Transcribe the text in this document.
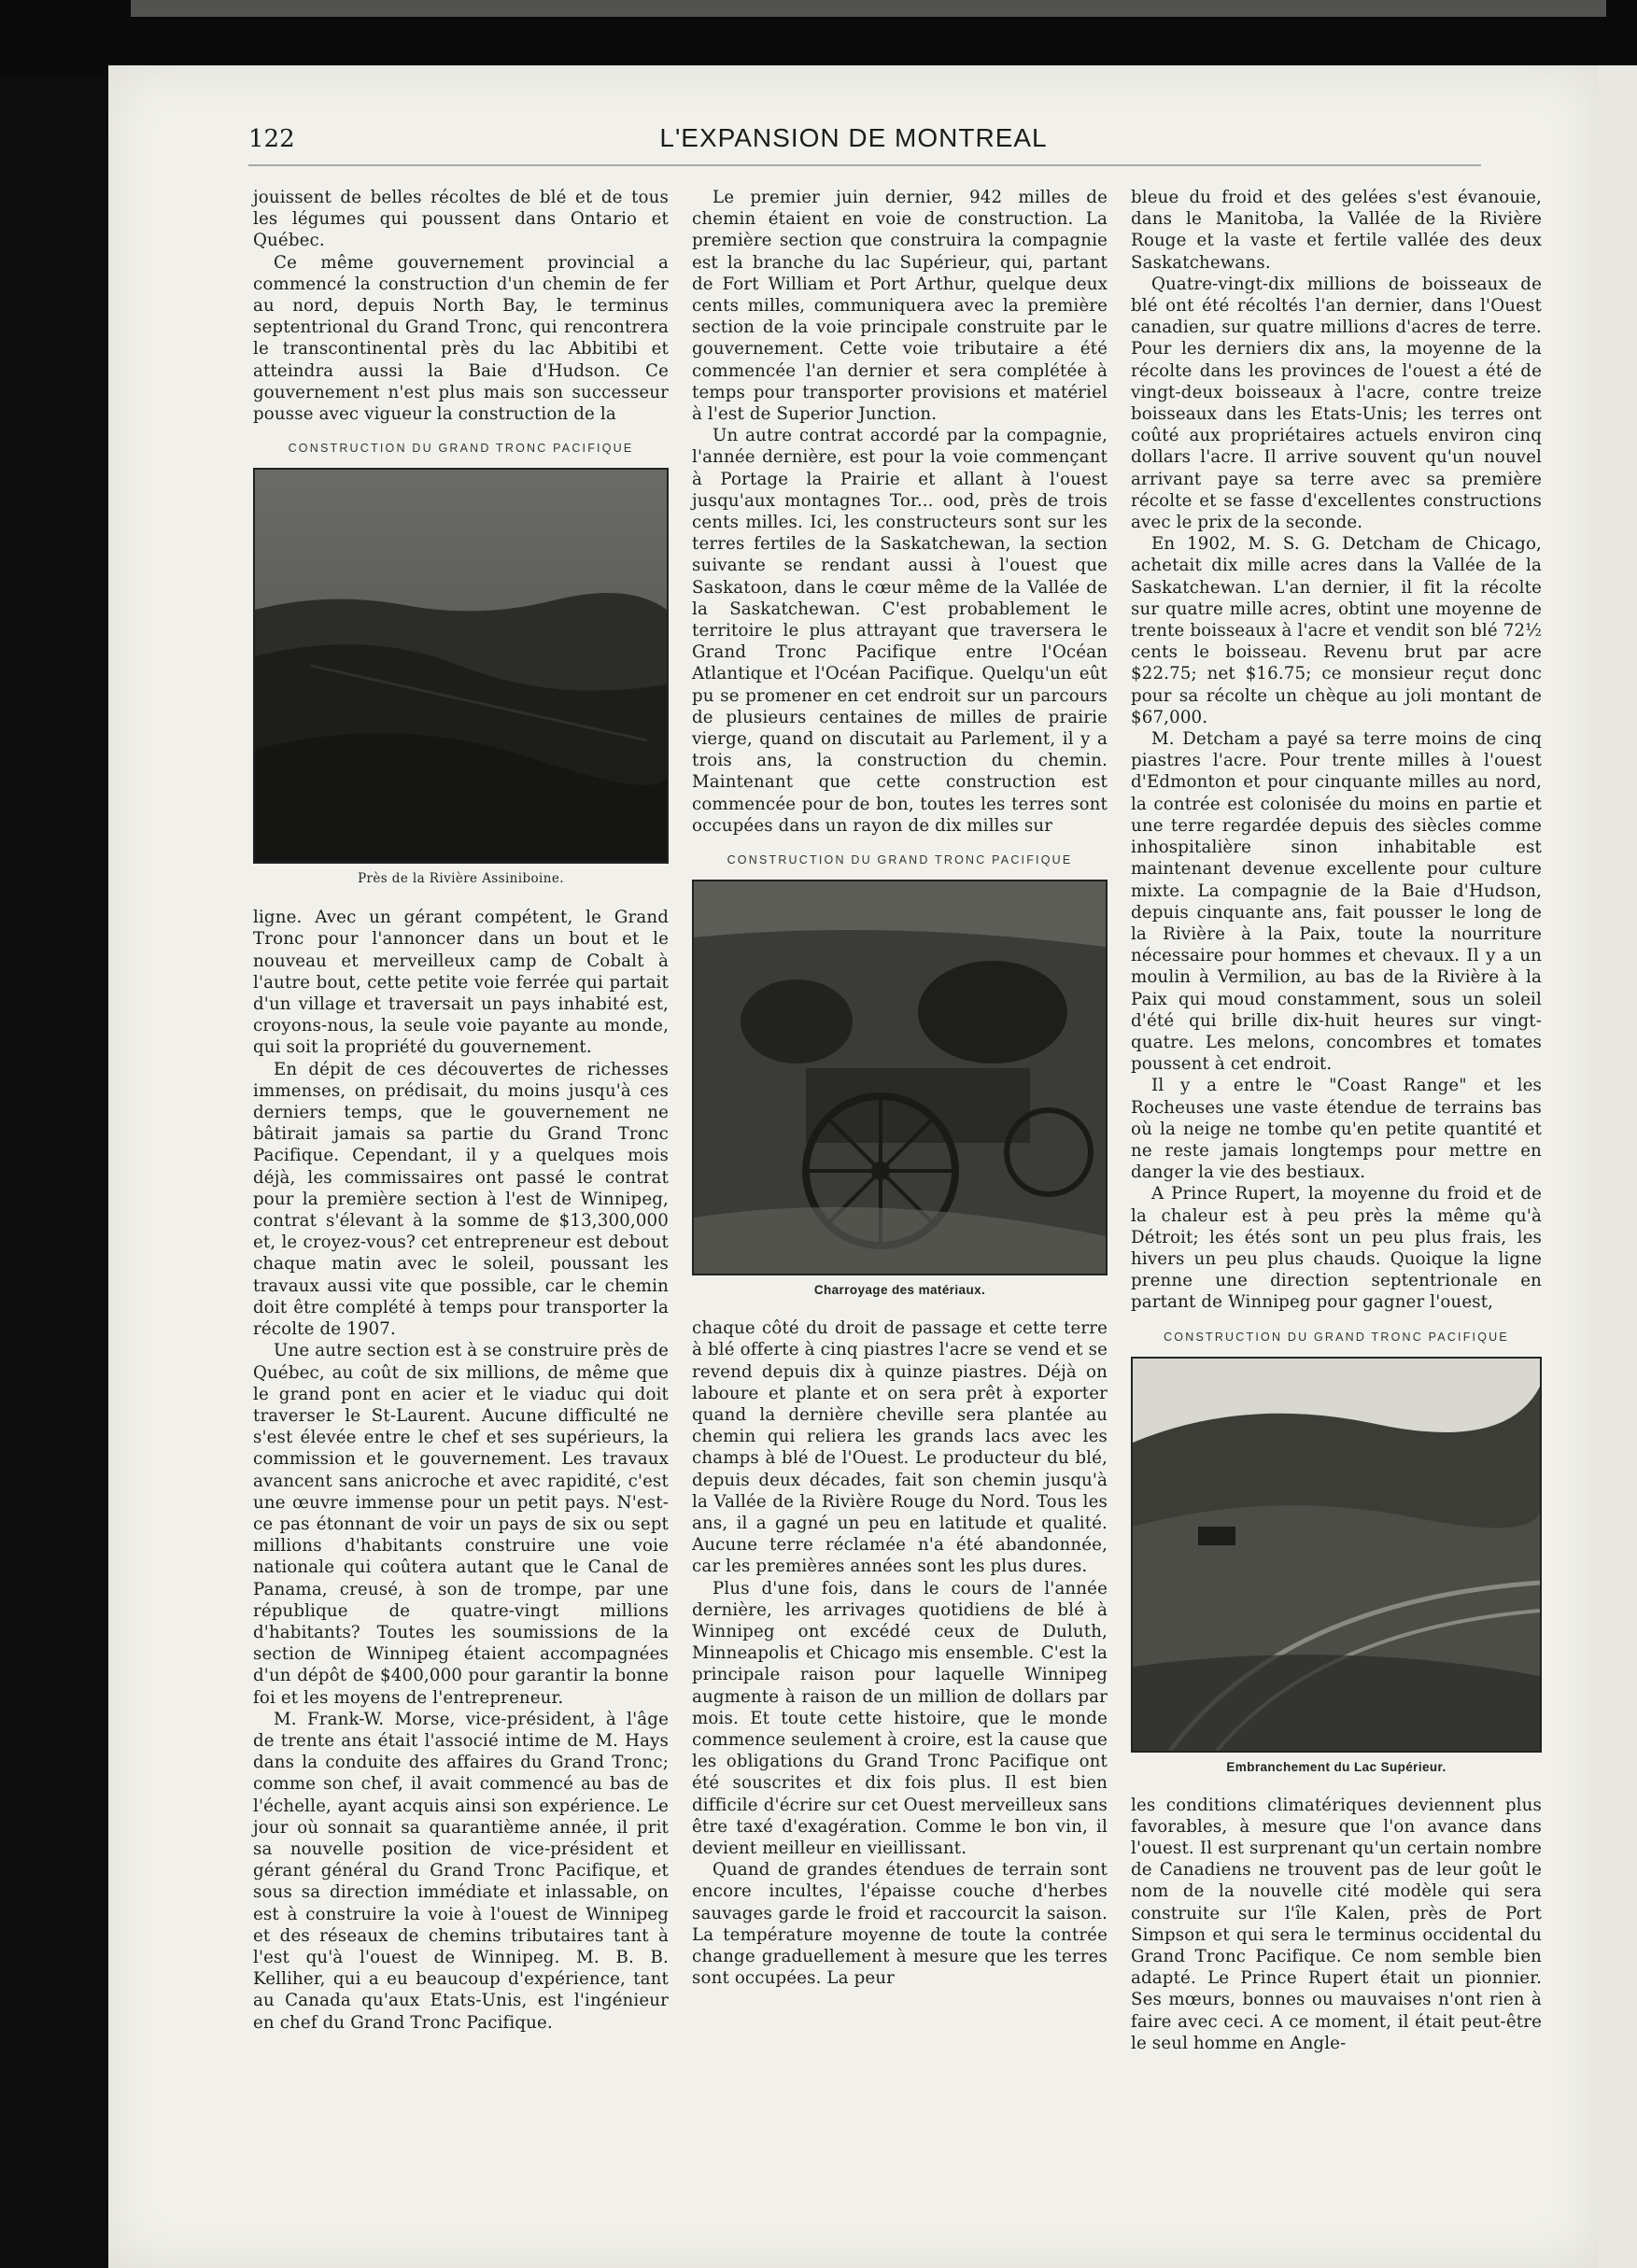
122	L'EXPANSION DE MONTREAL

jouissent de belles récoltes de blé et de tous les légumes qui poussent dans Ontario et Québec.

Ce même gouvernement provincial a commencé la construction d'un chemin de fer au nord, depuis North Bay, le terminus septentrional du Grand Tronc, qui rencontrera le transcontinental près du lac Abbitibi et atteindra aussi la Baie d'Hudson. Ce gouvernement n'est plus mais son successeur pousse avec vigueur la construction de la

CONSTRUCTION DU GRAND TRONC PACIFIQUE
Près de la Rivière Assiniboine.

ligne. Avec un gérant compétent, le Grand Tronc pour l'annoncer dans un bout et le nouveau et merveilleux camp de Cobalt à l'autre bout, cette petite voie ferrée qui partait d'un village et traversait un pays inhabité est, croyons-nous, la seule voie payante au monde, qui soit la propriété du gouvernement.

En dépit de ces découvertes de richesses immenses, on prédisait, du moins jusqu'à ces derniers temps, que le gouvernement ne bâtirait jamais sa partie du Grand Tronc Pacifique. Cependant, il y a quelques mois déjà, les commissaires ont passé le contrat pour la première section à l'est de Winnipeg, contrat s'élevant à la somme de $13,300,000 et, le croyez-vous? cet entrepreneur est debout chaque matin avec le soleil, poussant les travaux aussi vite que possible, car le chemin doit être complété à temps pour transporter la récolte de 1907.

Une autre section est à se construire près de Québec, au coût de six millions, de même que le grand pont en acier et le viaduc qui doit traverser le St-Laurent. Aucune difficulté ne s'est élevée entre le chef et ses supérieurs, la commission et le gouvernement. Les travaux avancent sans anicroche et avec rapidité, c'est une œuvre immense pour un petit pays. N'est-ce pas étonnant de voir un pays de six ou sept millions d'habitants construire une voie nationale qui coûtera autant que le Canal de Panama, creusé, à son de trompe, par une république de quatre-vingt millions d'habitants? Toutes les soumissions de la section de Winnipeg étaient accompagnées d'un dépôt de $400,000 pour garantir la bonne foi et les moyens de l'entrepreneur.

M. Frank-W. Morse, vice-président, à l'âge de trente ans était l'associé intime de M. Hays dans la conduite des affaires du Grand Tronc; comme son chef, il avait commencé au bas de l'échelle, ayant acquis ainsi son expérience. Le jour où sonnait sa quarantième année, il prit sa nouvelle position de vice-président et gérant général du Grand Tronc Pacifique, et sous sa direction immédiate et inlassable, on est à construire la voie à l'ouest de Winnipeg et des réseaux de chemins tributaires tant à l'est qu'à l'ouest de Winnipeg. M. B. B. Kelliher, qui a eu beaucoup d'expérience, tant au Canada qu'aux Etats-Unis, est l'ingénieur en chef du Grand Tronc Pacifique.

Le premier juin dernier, 942 milles de chemin étaient en voie de construction. La première section que construira la compagnie est la branche du lac Supérieur, qui, partant de Fort William et Port Arthur, quelque deux cents milles, communiquera avec la première section de la voie principale construite par le gouvernement. Cette voie tributaire a été commencée l'an dernier et sera complétée à temps pour transporter provisions et matériel à l'est de Superior Junction.

Un autre contrat accordé par la compagnie, l'année dernière, est pour la voie commençant à Portage la Prairie et allant à l'ouest jusqu'aux montagnes Tor... ood, près de trois cents milles. Ici, les constructeurs sont sur les terres fertiles de la Saskatchewan, la section suivante se rendant aussi à l'ouest que Saskatoon, dans le cœur même de la Vallée de la Saskatchewan. C'est probablement le territoire le plus attrayant que traversera le Grand Tronc Pacifique entre l'Océan Atlantique et l'Océan Pacifique. Quelqu'un eût pu se promener en cet endroit sur un parcours de plusieurs centaines de milles de prairie vierge, quand on discutait au Parlement, il y a trois ans, la construction du chemin. Maintenant que cette construction est commencée pour de bon, toutes les terres sont occupées dans un rayon de dix milles sur

CONSTRUCTION DU GRAND TRONC PACIFIQUE
Charroyage des matériaux.

chaque côté du droit de passage et cette terre à blé offerte à cinq piastres l'acre se vend et se revend depuis dix à quinze piastres. Déjà on laboure et plante et on sera prêt à exporter quand la dernière cheville sera plantée au chemin qui reliera les grands lacs avec les champs à blé de l'Ouest. Le producteur du blé, depuis deux décades, fait son chemin jusqu'à la Vallée de la Rivière Rouge du Nord. Tous les ans, il a gagné un peu en latitude et qualité. Aucune terre réclamée n'a été abandonnée, car les premières années sont les plus dures.

Plus d'une fois, dans le cours de l'année dernière, les arrivages quotidiens de blé à Winnipeg ont excédé ceux de Duluth, Minneapolis et Chicago mis ensemble. C'est la principale raison pour laquelle Winnipeg augmente à raison de un million de dollars par mois. Et toute cette histoire, que le monde commence seulement à croire, est la cause que les obligations du Grand Tronc Pacifique ont été souscrites et dix fois plus. Il est bien difficile d'écrire sur cet Ouest merveilleux sans être taxé d'exagération. Comme le bon vin, il devient meilleur en vieillissant.

Quand de grandes étendues de terrain sont encore incultes, l'épaisse couche d'herbes sauvages garde le froid et raccourcit la saison. La température moyenne de toute la contrée change graduellement à mesure que les terres sont occupées. La peur

bleue du froid et des gelées s'est évanouie, dans le Manitoba, la Vallée de la Rivière Rouge et la vaste et fertile vallée des deux Saskatchewans.

Quatre-vingt-dix millions de boisseaux de blé ont été récoltés l'an dernier, dans l'Ouest canadien, sur quatre millions d'acres de terre. Pour les derniers dix ans, la moyenne de la récolte dans les provinces de l'ouest a été de vingt-deux boisseaux à l'acre, contre treize boisseaux dans les Etats-Unis; les terres ont coûté aux propriétaires actuels environ cinq dollars l'acre. Il arrive souvent qu'un nouvel arrivant paye sa terre avec sa première récolte et se fasse d'excellentes constructions avec le prix de la seconde.

En 1902, M. S. G. Detcham de Chicago, achetait dix mille acres dans la Vallée de la Saskatchewan. L'an dernier, il fit la récolte sur quatre mille acres, obtint une moyenne de trente boisseaux à l'acre et vendit son blé 72½ cents le boisseau. Revenu brut par acre $22.75; net $16.75; ce monsieur reçut donc pour sa récolte un chèque au joli montant de $67,000.

M. Detcham a payé sa terre moins de cinq piastres l'acre. Pour trente milles à l'ouest d'Edmonton et pour cinquante milles au nord, la contrée est colonisée du moins en partie et une terre regardée depuis des siècles comme inhospitalière sinon inhabitable est maintenant devenue excellente pour culture mixte. La compagnie de la Baie d'Hudson, depuis cinquante ans, fait pousser le long de la Rivière à la Paix, toute la nourriture nécessaire pour hommes et chevaux. Il y a un moulin à Vermilion, au bas de la Rivière à la Paix qui moud constamment, sous un soleil d'été qui brille dix-huit heures sur vingt-quatre. Les melons, concombres et tomates poussent à cet endroit.

Il y a entre le "Coast Range" et les Rocheuses une vaste étendue de terrains bas où la neige ne tombe qu'en petite quantité et ne reste jamais longtemps pour mettre en danger la vie des bestiaux.

A Prince Rupert, la moyenne du froid et de la chaleur est à peu près la même qu'à Détroit; les étés sont un peu plus frais, les hivers un peu plus chauds. Quoique la ligne prenne une direction septentrionale en partant de Winnipeg pour gagner l'ouest,

CONSTRUCTION DU GRAND TRONC PACIFIQUE
Embranchement du Lac Supérieur.

les conditions climatériques deviennent plus favorables, à mesure que l'on avance dans l'ouest. Il est surprenant qu'un certain nombre de Canadiens ne trouvent pas de leur goût le nom de la nouvelle cité modèle qui sera construite sur l'île Kalen, près de Port Simpson et qui sera le terminus occidental du Grand Tronc Pacifique. Ce nom semble bien adapté. Le Prince Rupert était un pionnier. Ses mœurs, bonnes ou mauvaises n'ont rien à faire avec ceci. A ce moment, il était peut-être le seul homme en Angle-
